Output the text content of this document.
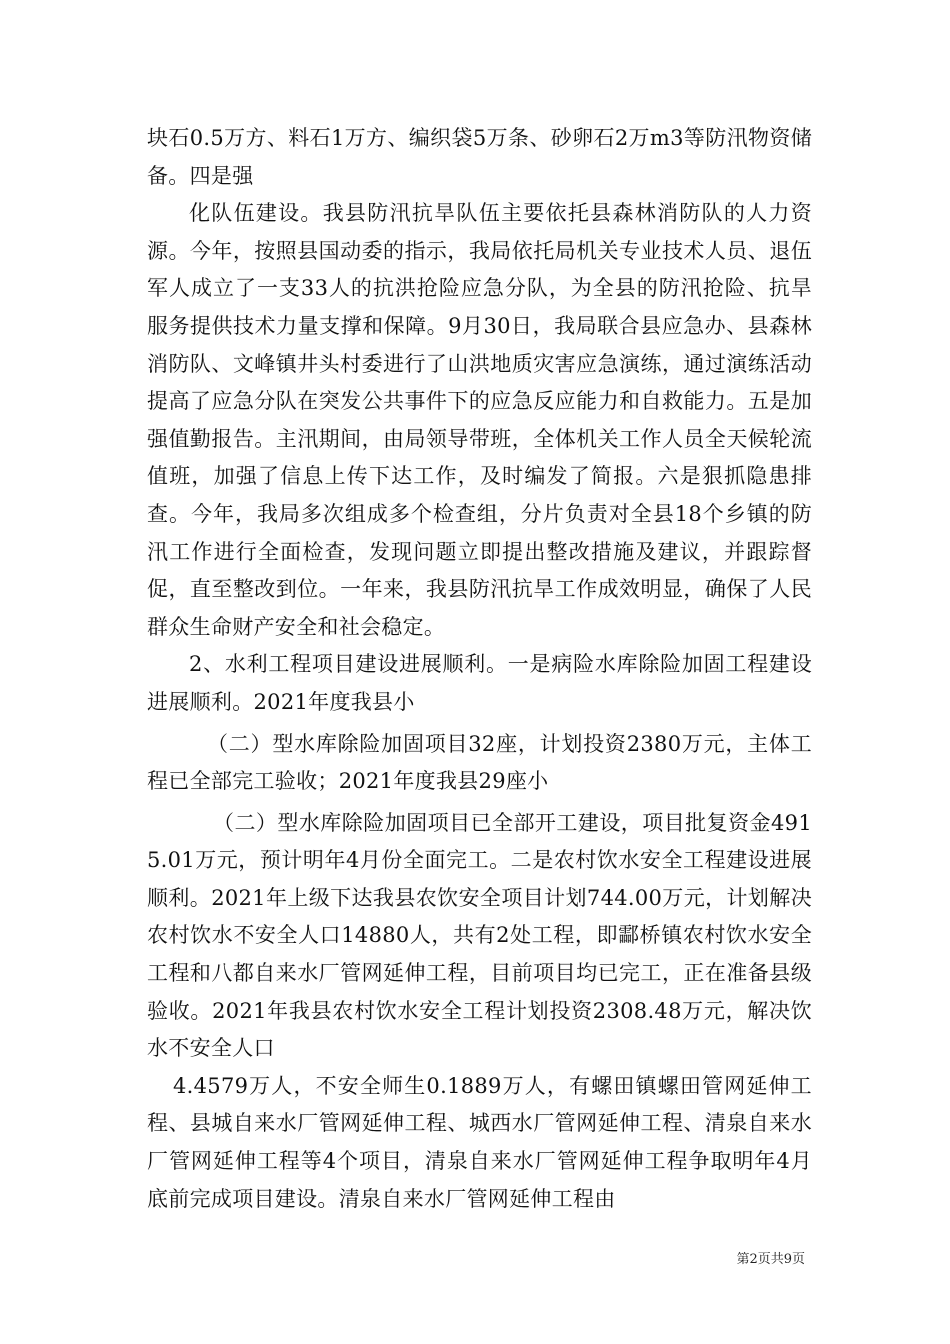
块石0.5万方、料石1万方、编织袋5万条、砂卵石2万m3等防汛物资储备。四是强

化队伍建设。我县防汛抗旱队伍主要依托县森林消防队的人力资源。今年，按照县国动委的指示，我局依托局机关专业技术人员、退伍军人成立了一支33人的抗洪抢险应急分队，为全县的防汛抢险、抗旱服务提供技术力量支撑和保障。9月30日，我局联合县应急办、县森林消防队、文峰镇井头村委进行了山洪地质灾害应急演练，通过演练活动提高了应急分队在突发公共事件下的应急反应能力和自救能力。五是加强值勤报告。主汛期间，由局领导带班，全体机关工作人员全天候轮流值班，加强了信息上传下达工作，及时编发了简报。六是狠抓隐患排查。今年，我局多次组成多个检查组，分片负责对全县18个乡镇的防汛工作进行全面检查，发现问题立即提出整改措施及建议，并跟踪督促，直至整改到位。一年来，我县防汛抗旱工作成效明显，确保了人民群众生命财产安全和社会稳定。

2、水利工程项目建设进展顺利。一是病险水库除险加固工程建设进展顺利。2021年度我县小

（二）型水库除险加固项目32座，计划投资2380万元，主体工程已全部完工验收；2021年度我县29座小

（二）型水库除险加固项目已全部开工建设，项目批复资金4915.01万元，预计明年4月份全面完工。二是农村饮水安全工程建设进展顺利。2021年上级下达我县农饮安全项目计划744.00万元，计划解决农村饮水不安全人口14880人，共有2处工程，即酃桥镇农村饮水安全工程和八都自来水厂管网延伸工程，目前项目均已完工，正在准备县级验收。2021年我县农村饮水安全工程计划投资2308.48万元，解决饮水不安全人口

4.4579万人，不安全师生0.1889万人，有螺田镇螺田管网延伸工程、县城自来水厂管网延伸工程、城西水厂管网延伸工程、清泉自来水厂管网延伸工程等4个项目，清泉自来水厂管网延伸工程争取明年4月底前完成项目建设。清泉自来水厂管网延伸工程由

第2页共9页
